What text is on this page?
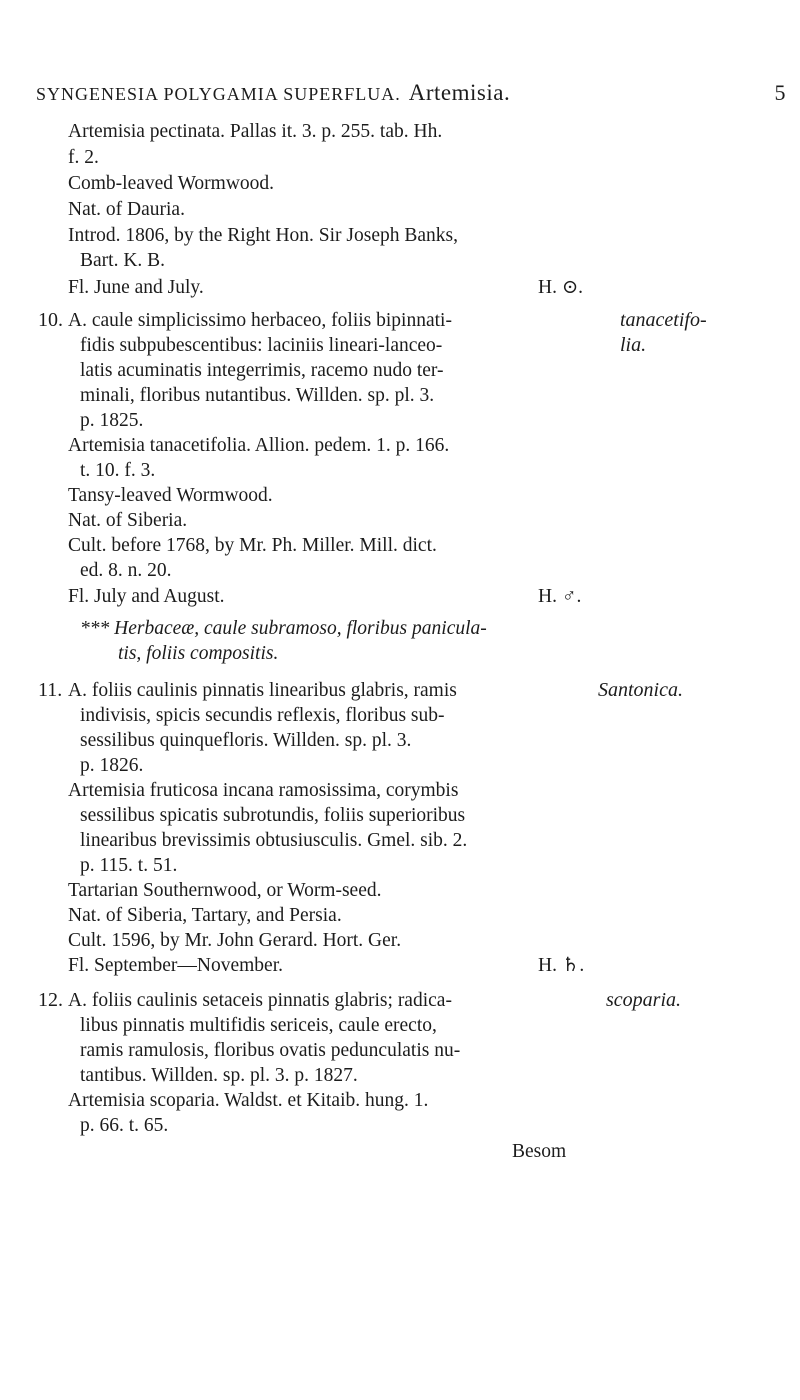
SYNGENESIA POLYGAMIA SUPERFLUA. Artemisia.	5
Artemisia pectinata. Pallas it. 3. p. 255. tab. Hh.
f. 2.
Comb-leaved Wormwood.
Nat. of Dauria.
Introd. 1806, by the Right Hon. Sir Joseph Banks,
Bart. K. B.
Fl. June and July.	H. ⊙.
10. A. caule simplicissimo herbaceo, foliis bipinnati-	tanacetifo-
fidis subpubescentibus: laciniis lineari-lanceo-	lia.
latis acuminatis integerrimis, racemo nudo ter-
minali, floribus nutantibus. Willden. sp. pl. 3.
p. 1825.
Artemisia tanacetifolia. Allion. pedem. 1. p. 166.
t. 10. f. 3.
Tansy-leaved Wormwood.
Nat. of Siberia.
Cult. before 1768, by Mr. Ph. Miller. Mill. dict.
ed. 8. n. 20.
Fl. July and August.	H. ♂.
*** Herbaceæ, caule subramoso, floribus panicula-
tis, foliis compositis.
11. A. foliis caulinis pinnatis linearibus glabris, ramis	Santonica.
indivisis, spicis secundis reflexis, floribus sub-
sessilibus quinquefloris. Willden. sp. pl. 3.
p. 1826.
Artemisia fruticosa incana ramosissima, corymbis
sessilibus spicatis subrotundis, foliis superioribus
linearibus brevissimis obtusiusculis. Gmel. sib. 2.
p. 115. t. 51.
Tartarian Southernwood, or Worm-seed.
Nat. of Siberia, Tartary, and Persia.
Cult. 1596, by Mr. John Gerard. Hort. Ger.
Fl. September—November.	H. ♄.
12. A. foliis caulinis setaceis pinnatis glabris; radica-	scoparia.
libus pinnatis multifidis sericeis, caule erecto,
ramis ramulosis, floribus ovatis pedunculatis nu-
tantibus. Willden. sp. pl. 3. p. 1827.
Artemisia scoparia. Waldst. et Kitaib. hung. 1.
p. 66. t. 65.
Besom
